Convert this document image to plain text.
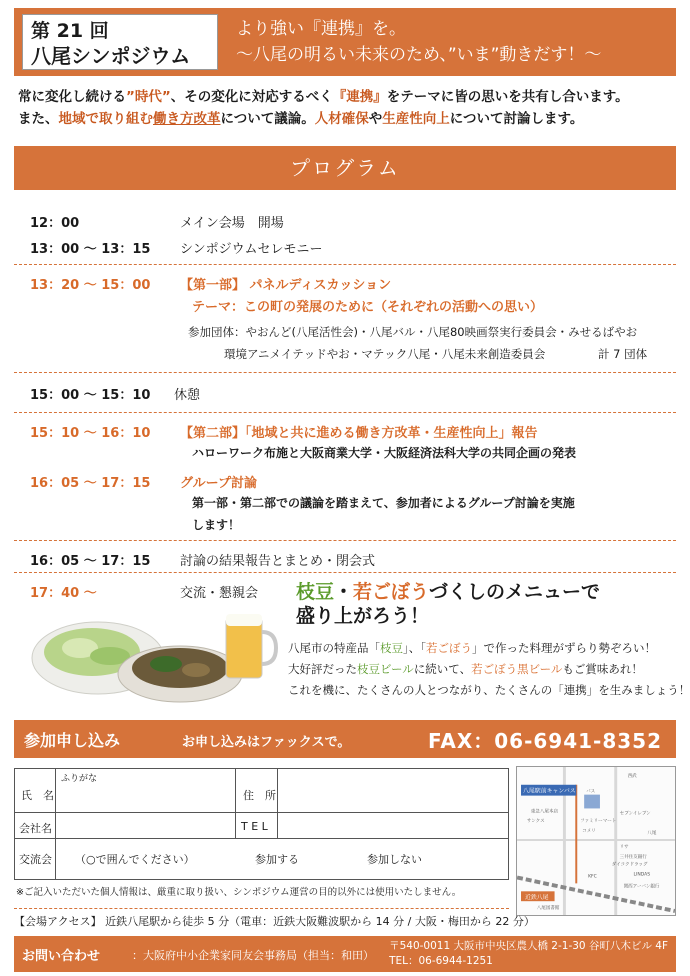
第 21 回
八尾シンポジウム
より強い『連携』を。
〜八尾の明るい未来のため、”いま”動きだす！〜
常に変化し続ける”時代”、その変化に対応するべく『連携』をテーマに皆の思いを共有し合います。
また、地域で取り組む働き方改革について議論。人材確保や生産性向上について討論します。
プログラム
12：00	メイン会場　開場
13：00 〜 13：15 シンポジウムセレモニー
13：20 〜 15：00 【第一部】 パネルディスカッション
テーマ：この町の発展のために（それぞれの活動への思い）
参加団体：やおんど(八尾活性会)・八尾バル・八尾80映画祭実行委員会・みせるばやお
環境アニメイテッドやお・マテック八尾・八尾未来創造委員会	計 7 団体
15：00 〜 15：10 休憩
15：10 〜 16：10 【第二部】「地域と共に進める働き方改革・生産性向上」報告
ハローワーク布施と大阪商業大学・大阪経済法科大学の共同企画の発表
16：05 〜 17：15 グループ討論
第一部・第二部での議論を踏まえて、参加者によるグループ討論を実施
します！
16：05 〜 17：15 討論の結果報告とまとめ・閉会式
17：40 〜	交流・懇親会 枝豆・若ごぼうづくしのメニューで
盛り上がろう！
八尾市の特産品「枝豆」、「若ごぼう」で作った料理がずらり勢ぞろい！
大好評だった枝豆ビールに続いて、若ごぼう黒ビールもご賞味あれ！
これを機に、たくさんの人とつながり、たくさんの「連携」を生みましょう！
参加申し込み	お申し込みはファックスで。	FAX：06-6941-8352
ふりがな
氏　名	住　所
会社名	T E L
交流会 （○で囲んでください）	参加する	参加しない
※ご記入いただいた個人情報は、厳重に取り扱い、シンポジウム運営の目的以外には使用いたしません。
八尾駅前キャンパス
近鉄八尾
西武
八尾
バス
サンクス
東急八尾本店
ファミリーマート
セブンイレブン
リサ
三井住友銀行
KFC	LINDAS
関西アーバン銀行
八尾図書館
ダイコクドラッグ
コメリ
【会場アクセス】 近鉄八尾駅から徒歩 5 分（電車：近鉄大阪難波駅から 14 分 / 大阪・梅田から 22 分）
お問い合わせ	：大阪府中小企業家同友会事務局（担当：和田）
〒540-0011 大阪市中央区農人橋 2-1-30 谷町八木ビル 4F
TEL：06-6944-1251
